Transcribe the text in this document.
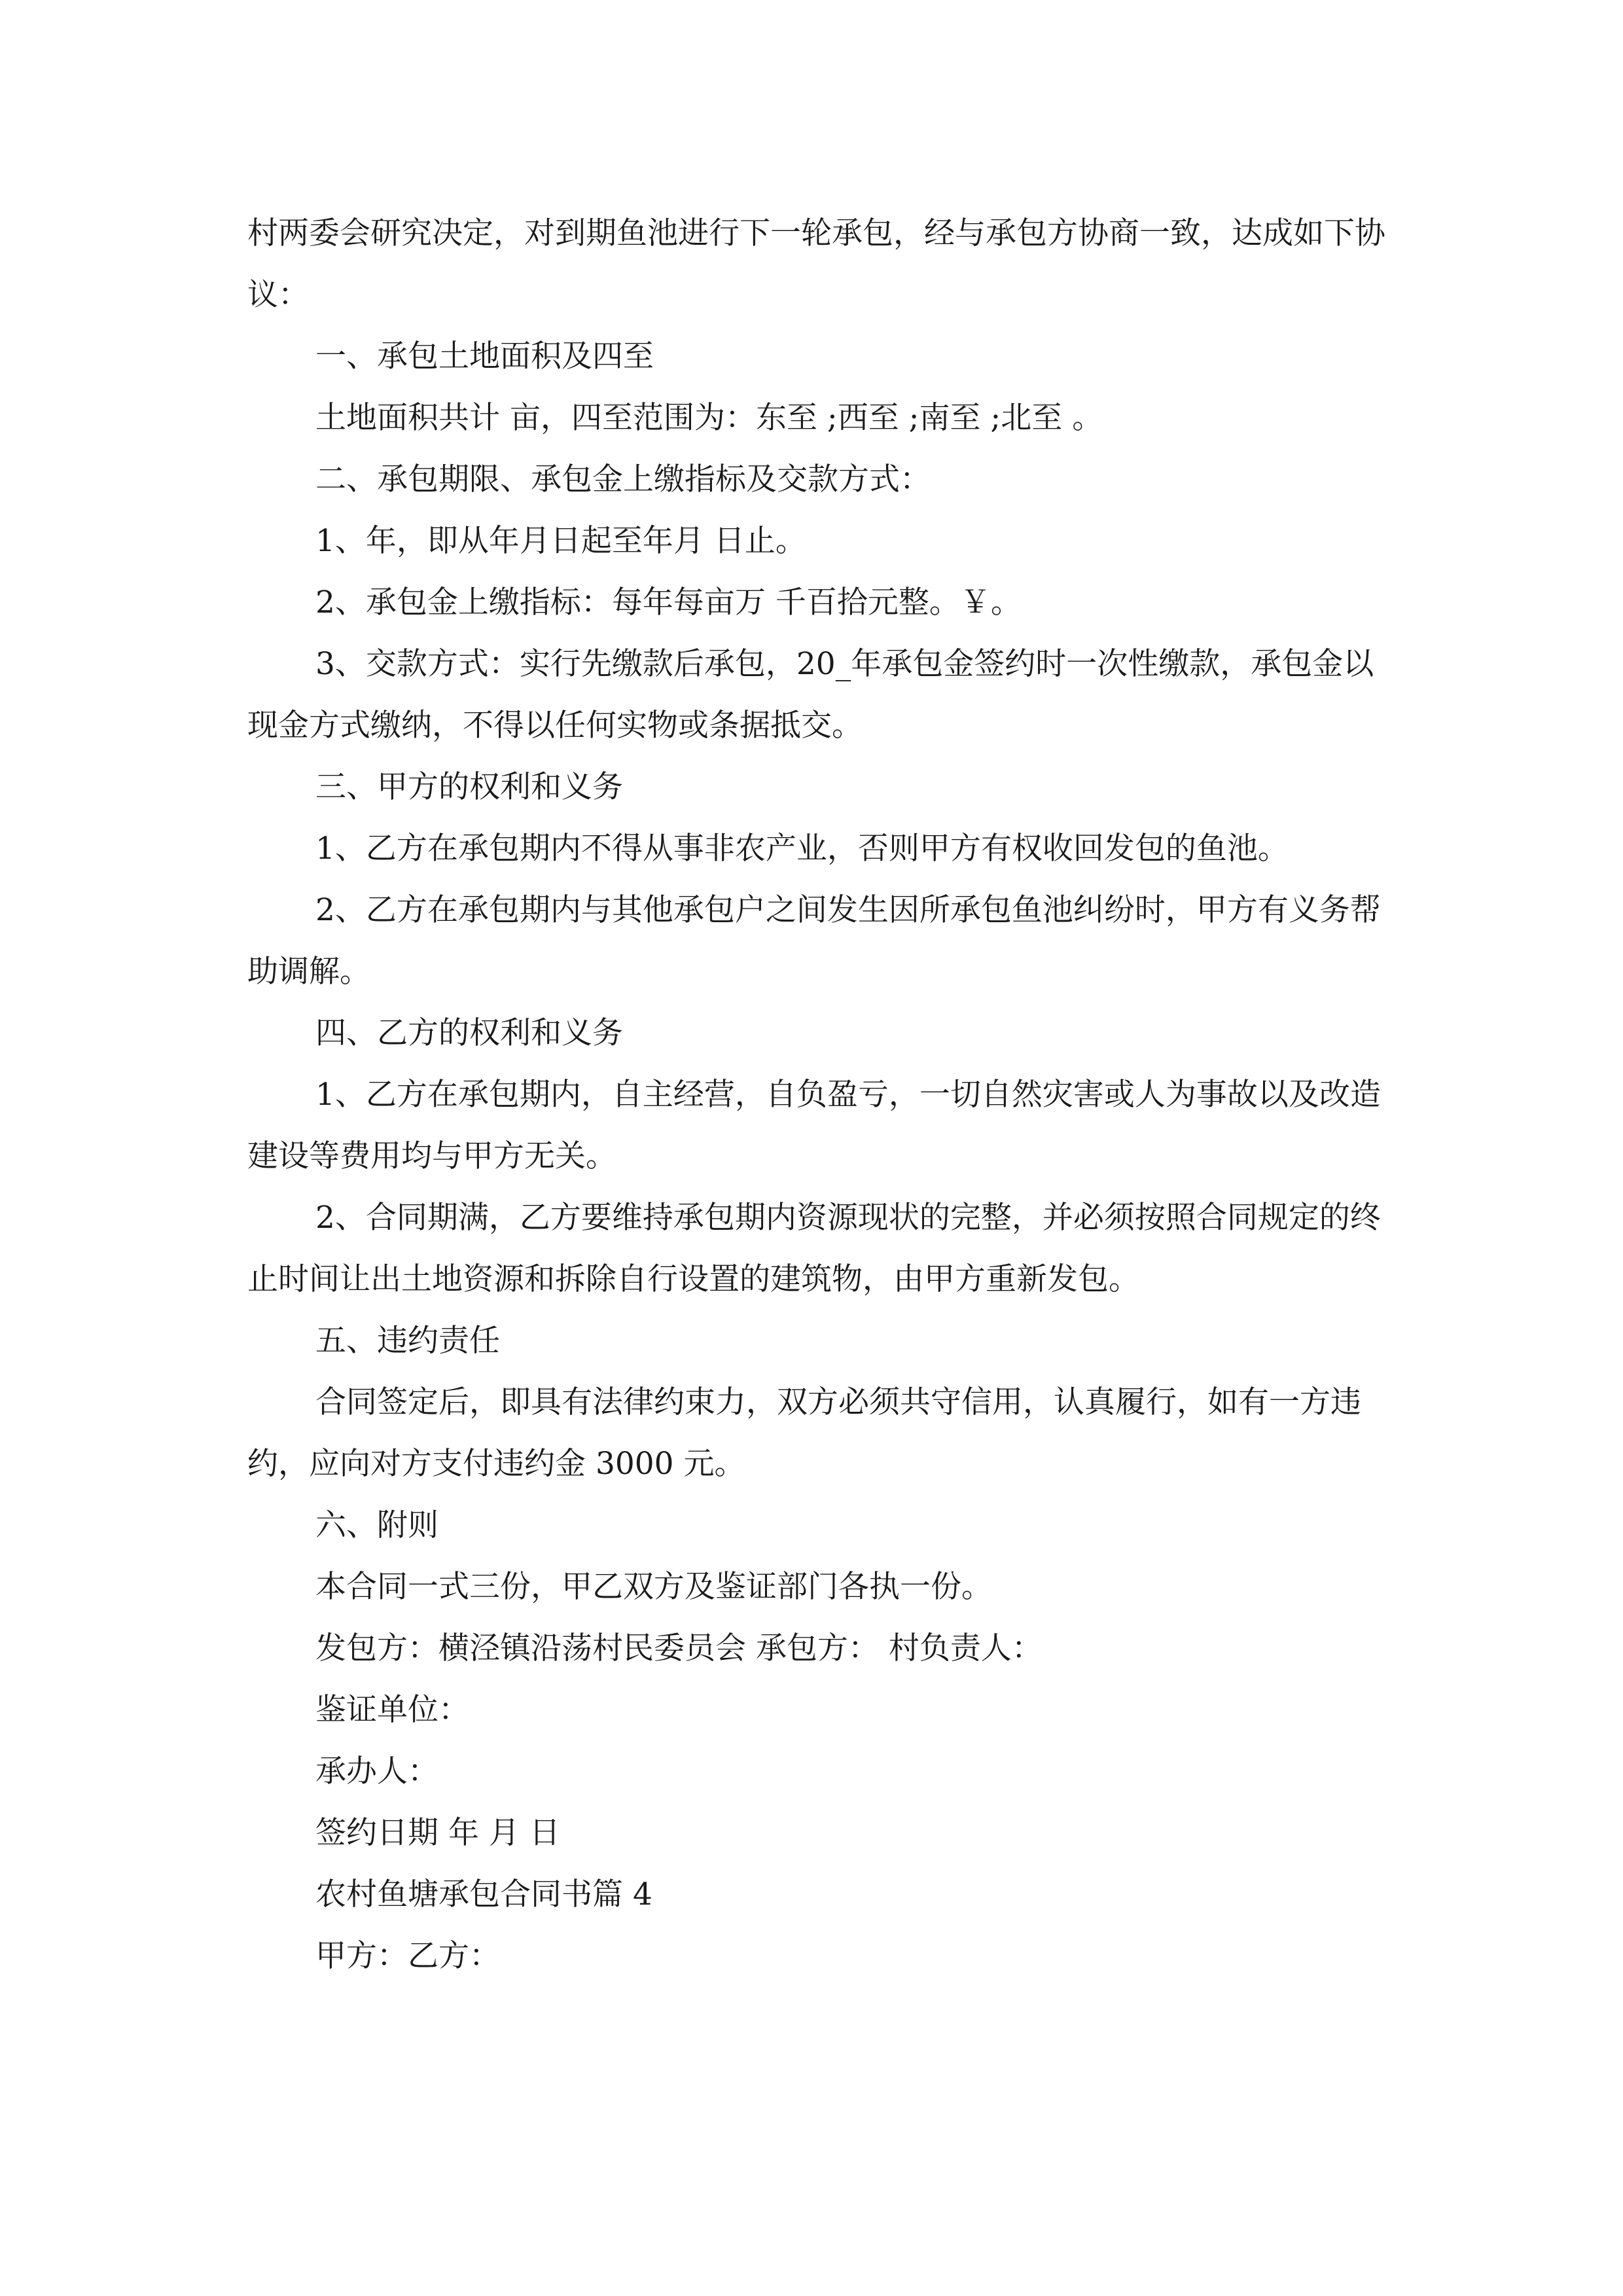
村两委会研究决定，对到期鱼池进行下一轮承包，经与承包方协商一致，达成如下协议：

一、承包土地面积及四至

土地面积共计 亩，四至范围为：东至 ;西至 ;南至 ;北至 。

二、承包期限、承包金上缴指标及交款方式：

1、年，即从年月日起至年月 日止。

2、承包金上缴指标：每年每亩万 千百拾元整。￥。

3、交款方式：实行先缴款后承包，20_年承包金签约时一次性缴款，承包金以现金方式缴纳，不得以任何实物或条据抵交。

三、甲方的权利和义务

1、乙方在承包期内不得从事非农产业，否则甲方有权收回发包的鱼池。

2、乙方在承包期内与其他承包户之间发生因所承包鱼池纠纷时，甲方有义务帮助调解。

四、乙方的权利和义务

1、乙方在承包期内，自主经营，自负盈亏，一切自然灾害或人为事故以及改造建设等费用均与甲方无关。

2、合同期满，乙方要维持承包期内资源现状的完整，并必须按照合同规定的终止时间让出土地资源和拆除自行设置的建筑物，由甲方重新发包。

五、违约责任

合同签定后，即具有法律约束力，双方必须共守信用，认真履行，如有一方违约，应向对方支付违约金 3000 元。

六、附则

本合同一式三份，甲乙双方及鉴证部门各执一份。

发包方：横泾镇沿荡村民委员会 承包方： 村负责人：

鉴证单位：

承办人：

签约日期 年 月 日

农村鱼塘承包合同书篇 4

甲方：乙方：
